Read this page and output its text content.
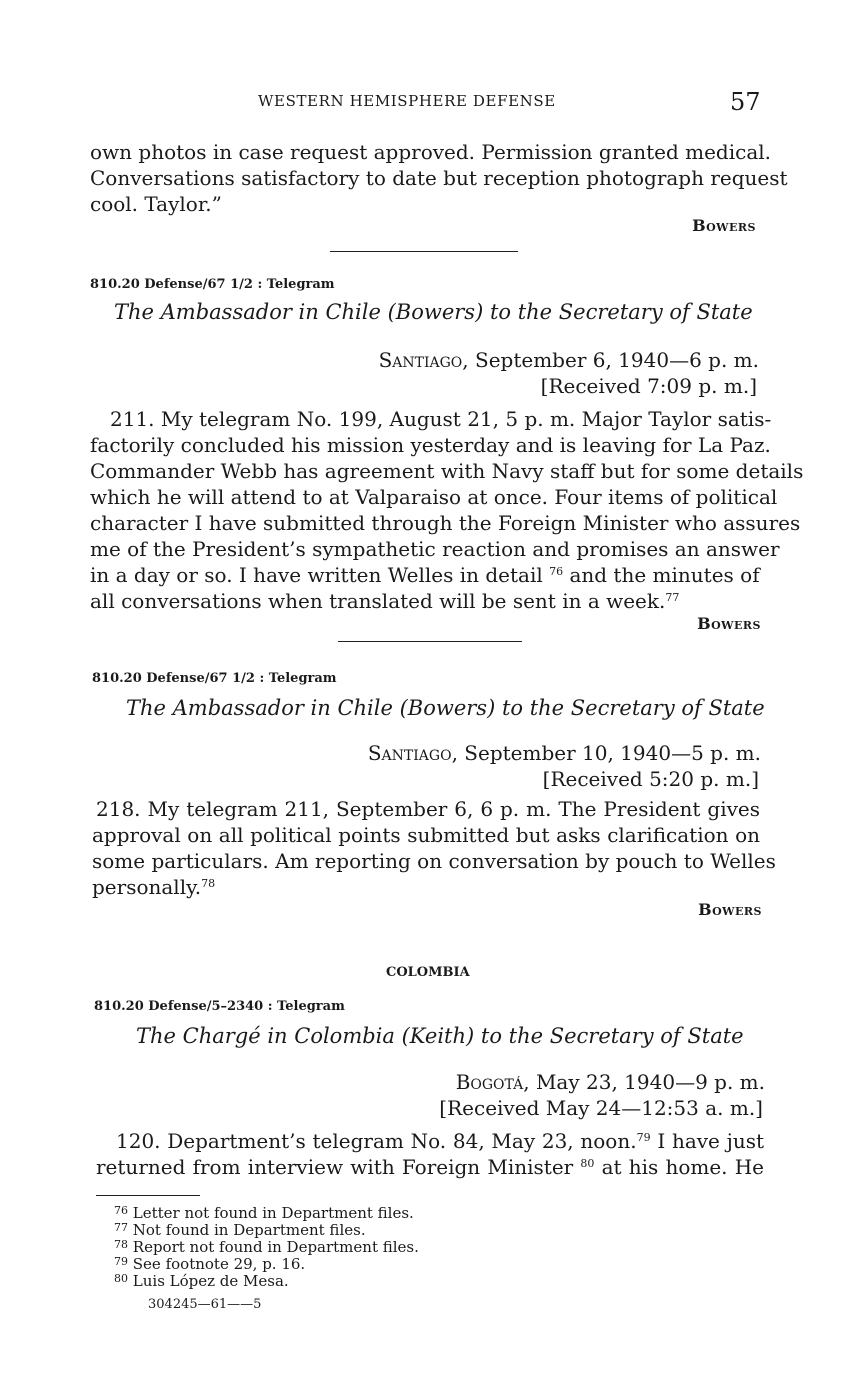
WESTERN HEMISPHERE DEFENSE	57
own photos in case request approved. Permission granted medical.
Conversations satisfactory to date but reception photograph request
cool. Taylor.”
Bowers
810.20 Defense/67 1/2 : Telegram
The Ambassador in Chile (Bowers) to the Secretary of State
Santiago, September 6, 1940—6 p. m.
[Received 7:09 p. m.]
211. My telegram No. 199, August 21, 5 p. m. Major Taylor satis-
factorily concluded his mission yesterday and is leaving for La Paz.
Commander Webb has agreement with Navy staff but for some details
which he will attend to at Valparaiso at once. Four items of political
character I have submitted through the Foreign Minister who assures
me of the President’s sympathetic reaction and promises an answer
in a day or so. I have written Welles in detail $^{76}$ and the minutes of
all conversations when translated will be sent in a week.$^{77}$
Bowers
810.20 Defense/67 1/2 : Telegram
The Ambassador in Chile (Bowers) to the Secretary of State
Santiago, September 10, 1940—5 p. m.
[Received 5:20 p. m.]
218. My telegram 211, September 6, 6 p. m. The President gives
approval on all political points submitted but asks clarification on
some particulars. Am reporting on conversation by pouch to Welles
personally.$^{78}$
Bowers
COLOMBIA
810.20 Defense/5–2340 : Telegram
The Chargé in Colombia (Keith) to the Secretary of State
Bogotá, May 23, 1940—9 p. m.
[Received May 24—12:53 a. m.]
120. Department’s telegram No. 84, May 23, noon.$^{79}$ I have just
returned from interview with Foreign Minister $^{80}$ at his home. He
$^{76}$ Letter not found in Department files.
$^{77}$ Not found in Department files.
$^{78}$ Report not found in Department files.
$^{79}$ See footnote 29, p. 16.
$^{80}$ Luis López de Mesa.
304245—61——5
